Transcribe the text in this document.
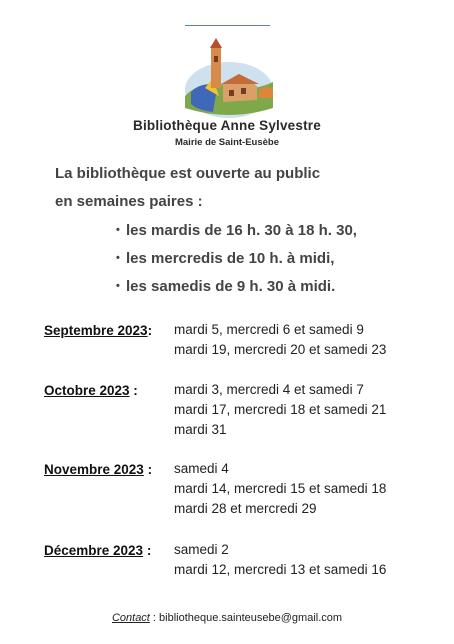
Bibliothèque Anne Sylvestre
Mairie de Saint-Eusèbe
La bibliothèque est ouverte au public
en semaines paires :
• les mardis de 16 h. 30 à 18 h. 30,
• les mercredis de 10 h. à midi,
• les samedis de 9 h. 30 à midi.
Septembre 2023: mardi 5, mercredi 6 et samedi 9
mardi 19, mercredi 20 et samedi 23
Octobre 2023 :	mardi 3, mercredi 4 et samedi 7
mardi 17, mercredi 18 et samedi 21
mardi 31
Novembre 2023 : samedi 4
mardi 14, mercredi 15 et samedi 18
mardi 28 et mercredi 29
Décembre 2023 : samedi 2
mardi 12, mercredi 13 et samedi 16
Contact : bibliotheque.sainteusebe@gmail.com
